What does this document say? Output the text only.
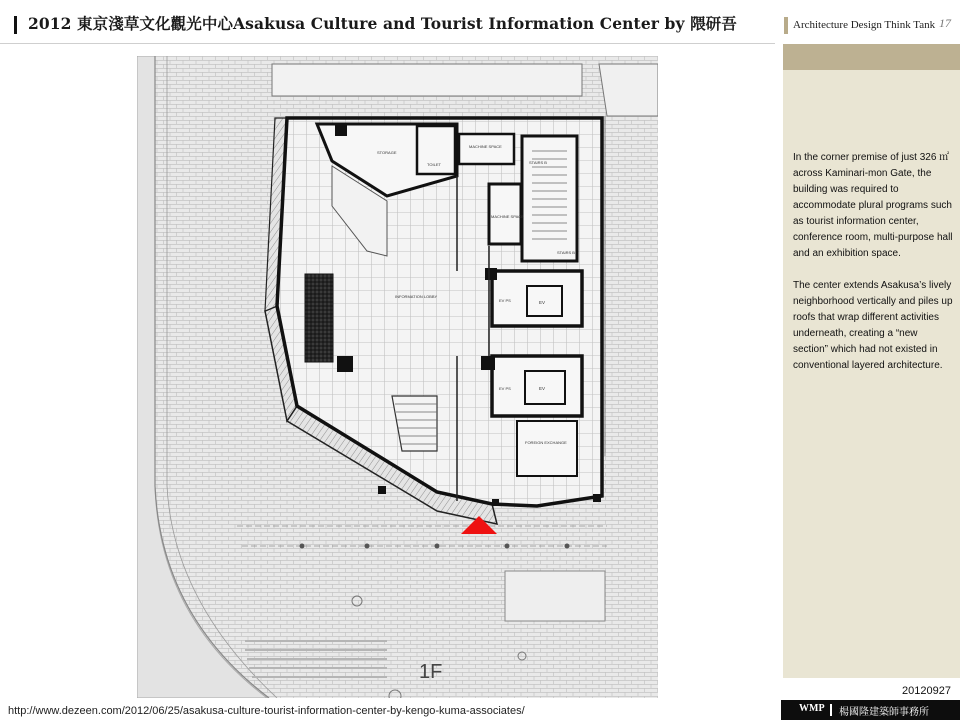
2012 東京淺草文化觀光中心Asakusa Culture and Tourist Information Center by 隈研吾	Architecture Design Think Tank 17
STORAGE
TOILET
MACHINE SPACE
STAIRS B
STAIRS B
MACHINE SPACE
EV
EV PS
EV
EV PS
FOREIGN EXCHANGE
INFORMATION LOBBY
1F

In the corner premise of just 326 ㎡ across Kaminari-mon Gate, the building was required to accommodate plural programs such as tourist information center, conference room, multi-purpose hall and an exhibition space.

The center extends Asakusa’s lively neighborhood vertically and piles up roofs that wrap different activities underneath, creating a “new section” which had not existed in conventional layered architecture.

20120927
http://www.dezeen.com/2012/06/25/asakusa-culture-tourist-information-center-by-kengo-kuma-associates/	WMP 楊國隆建築師事務所
